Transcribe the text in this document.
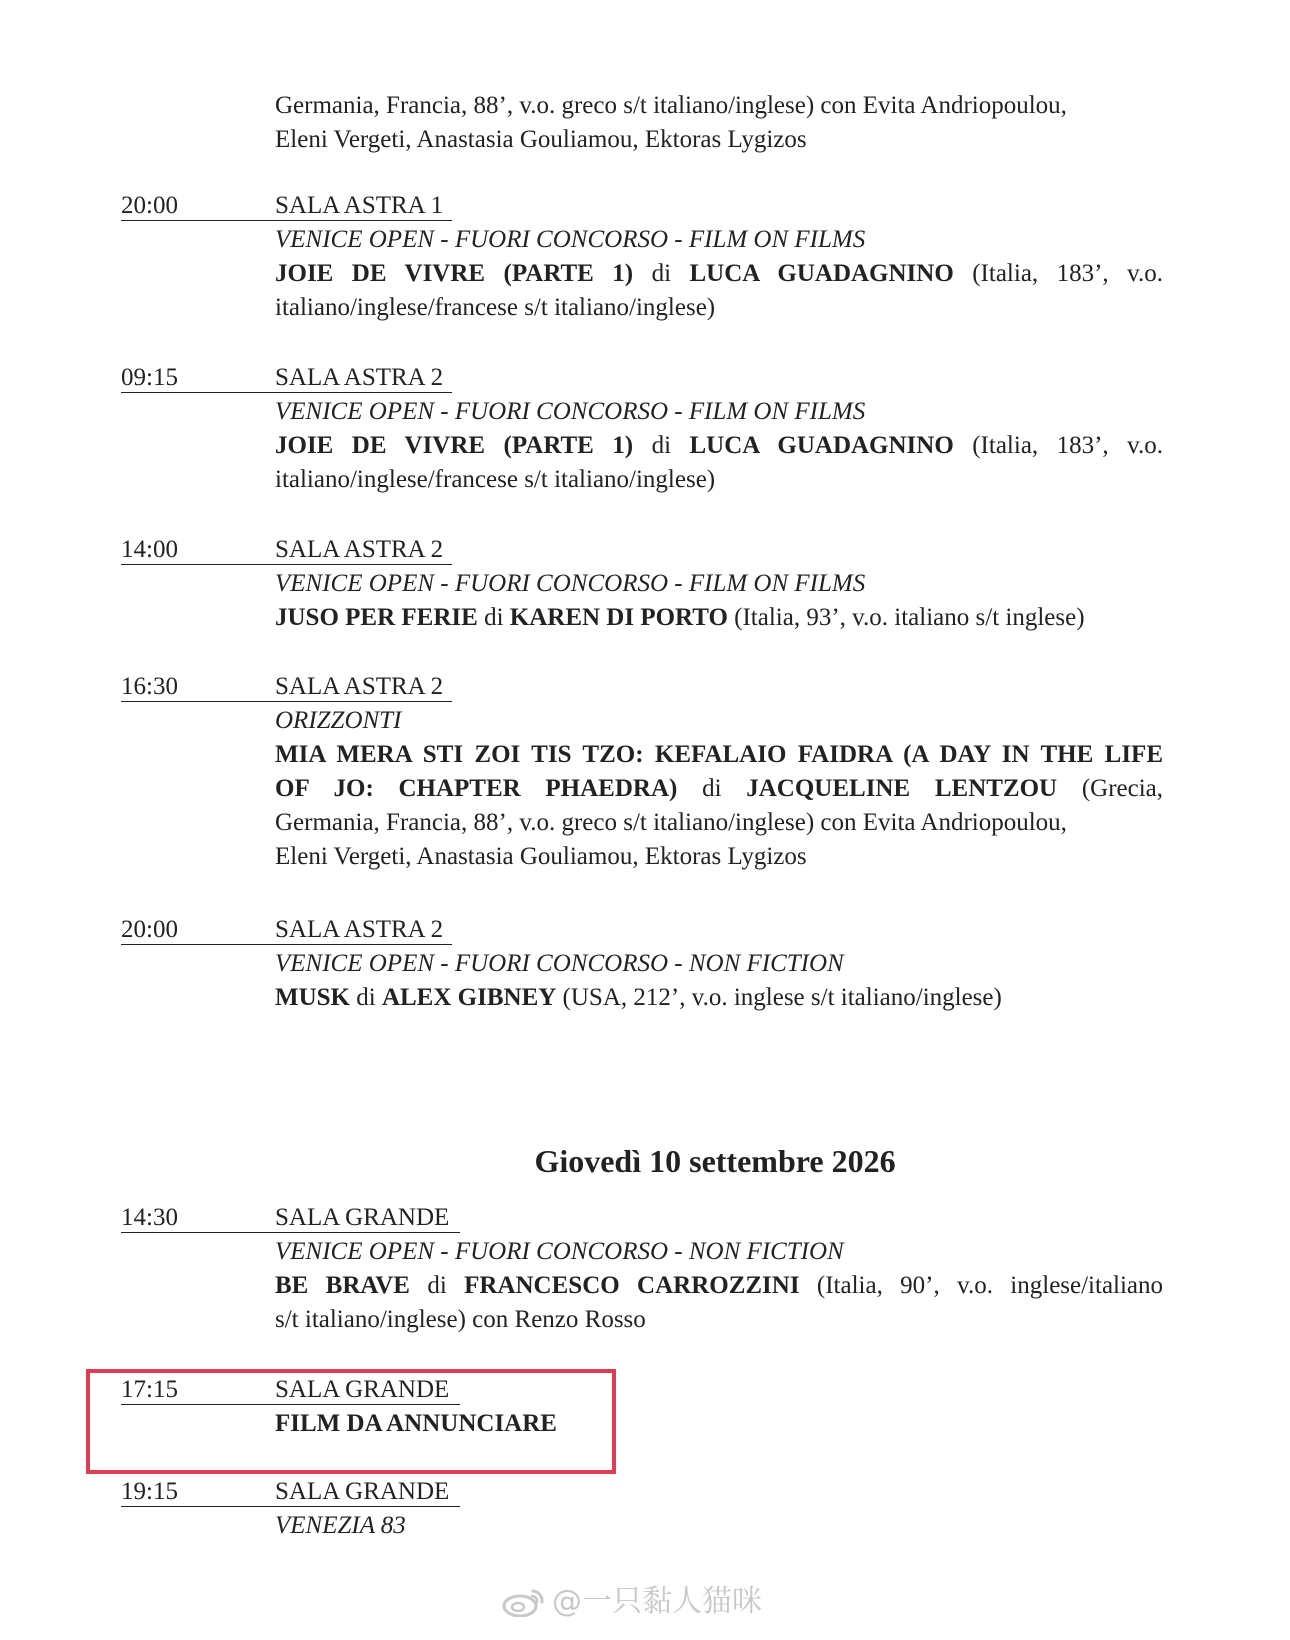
Germania, Francia, 88’, v.o. greco s/t italiano/inglese) con Evita Andriopoulou,
Eleni Vergeti, Anastasia Gouliamou, Ektoras Lygizos
20:00	SALA ASTRA 1
VENICE OPEN - FUORI CONCORSO - FILM ON FILMS
JOIE DE VIVRE (PARTE 1) di LUCA GUADAGNINO (Italia, 183’, v.o.
italiano/inglese/francese s/t italiano/inglese)
09:15	SALA ASTRA 2
VENICE OPEN - FUORI CONCORSO - FILM ON FILMS
JOIE DE VIVRE (PARTE 1) di LUCA GUADAGNINO (Italia, 183’, v.o.
italiano/inglese/francese s/t italiano/inglese)
14:00	SALA ASTRA 2
VENICE OPEN - FUORI CONCORSO - FILM ON FILMS
JUSO PER FERIE di KAREN DI PORTO (Italia, 93’, v.o. italiano s/t inglese)
16:30	SALA ASTRA 2
ORIZZONTI
MIA MERA STI ZOI TIS TZO: KEFALAIO FAIDRA (A DAY IN THE LIFE
OF JO: CHAPTER PHAEDRA) di JACQUELINE LENTZOU (Grecia,
Germania, Francia, 88’, v.o. greco s/t italiano/inglese) con Evita Andriopoulou,
Eleni Vergeti, Anastasia Gouliamou, Ektoras Lygizos
20:00	SALA ASTRA 2
VENICE OPEN - FUORI CONCORSO - NON FICTION
MUSK di ALEX GIBNEY (USA, 212’, v.o. inglese s/t italiano/inglese)
Giovedì 10 settembre 2026
14:30	SALA GRANDE
VENICE OPEN - FUORI CONCORSO - NON FICTION
BE BRAVE di FRANCESCO CARROZZINI (Italia, 90’, v.o. inglese/italiano
s/t italiano/inglese) con Renzo Rosso
17:15	SALA GRANDE
FILM DA ANNUNCIARE
19:15	SALA GRANDE
VENEZIA 83
@一只黏人猫咪
